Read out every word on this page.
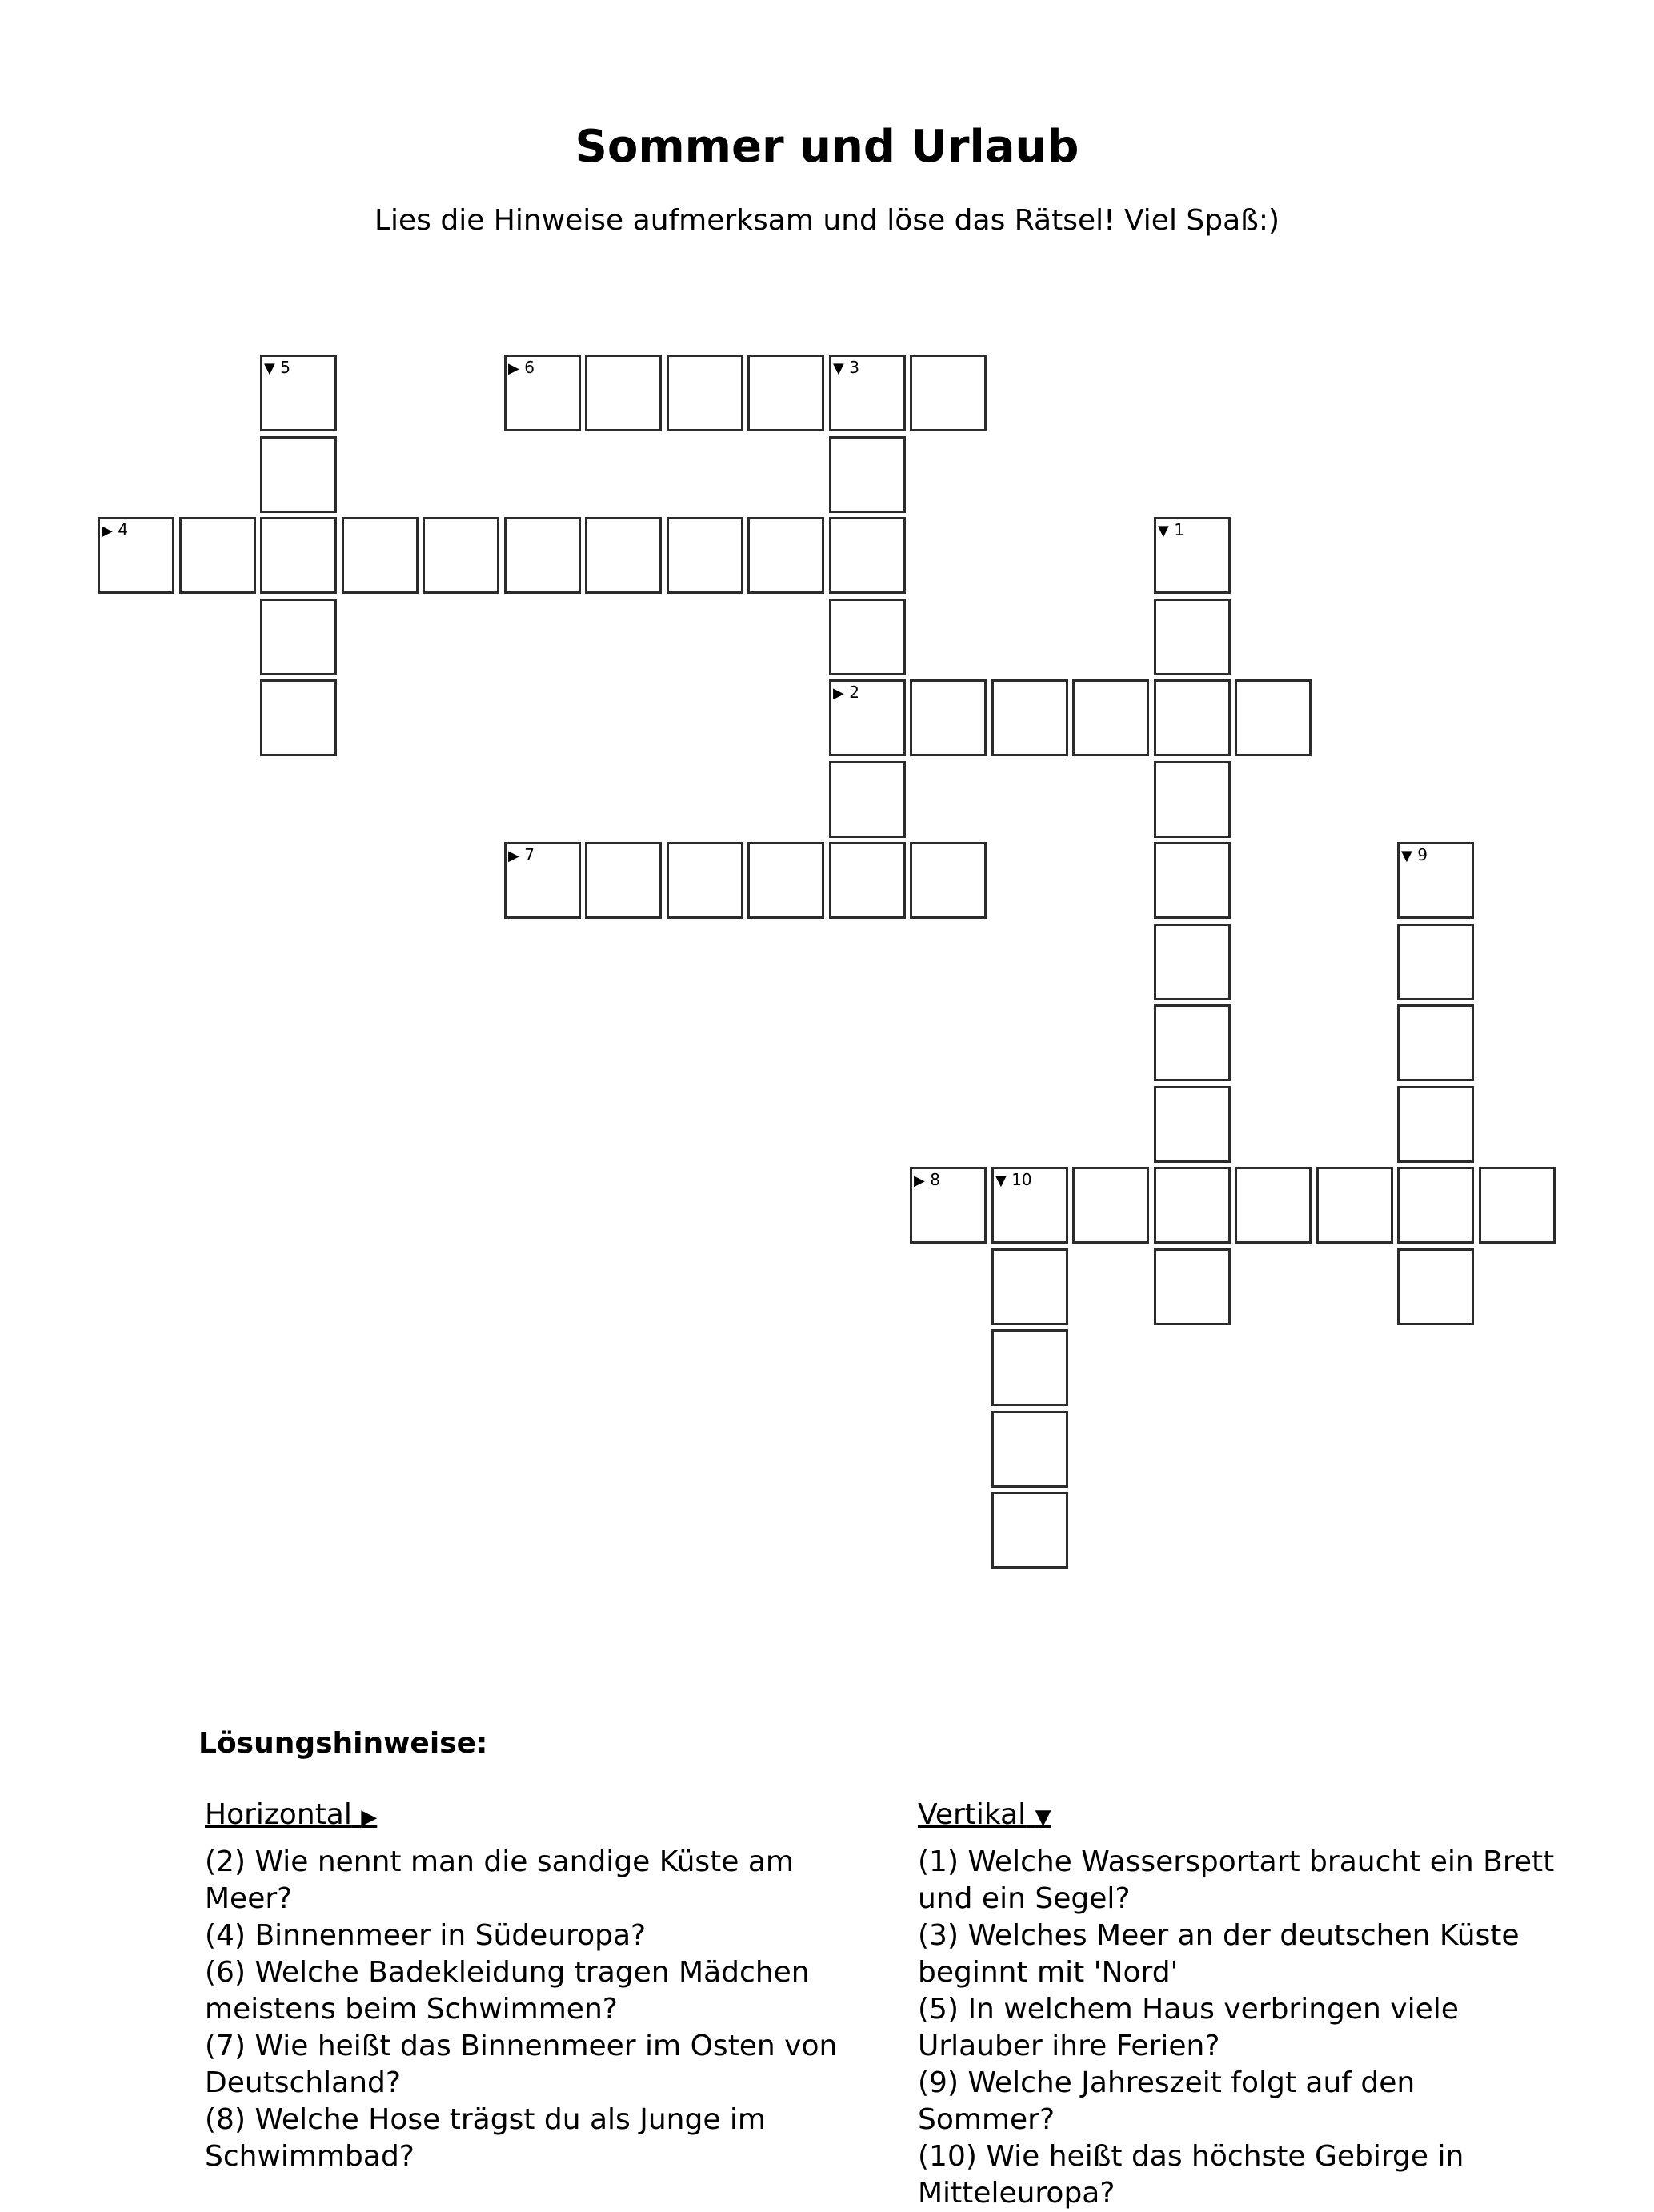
Sommer und Urlaub
Lies die Hinweise aufmerksam und löse das Rätsel! Viel Spaß:)
▼ 1
▶ 2
▼ 3
▶ 4
▼ 5	▶ 6
▶ 7
▶ 8	▼ 10
▼ 9
Lösungshinweise:
Horizontal ▶

(2) Wie nennt man die sandige Küste am Meer?

(4) Binnenmeer in Südeuropa?

(6) Welche Badekleidung tragen Mädchen meistens beim Schwimmen?

(7) Wie heißt das Binnenmeer im Osten von Deutschland?

(8) Welche Hose trägst du als Junge im Schwimmbad?

Vertikal ▼

(1) Welche Wassersportart braucht ein Brett und ein Segel?

(3) Welches Meer an der deutschen Küste beginnt mit 'Nord'

(5) In welchem Haus verbringen viele Urlauber ihre Ferien?

(9) Welche Jahreszeit folgt auf den Sommer?

(10) Wie heißt das höchste Gebirge in Mitteleuropa?
